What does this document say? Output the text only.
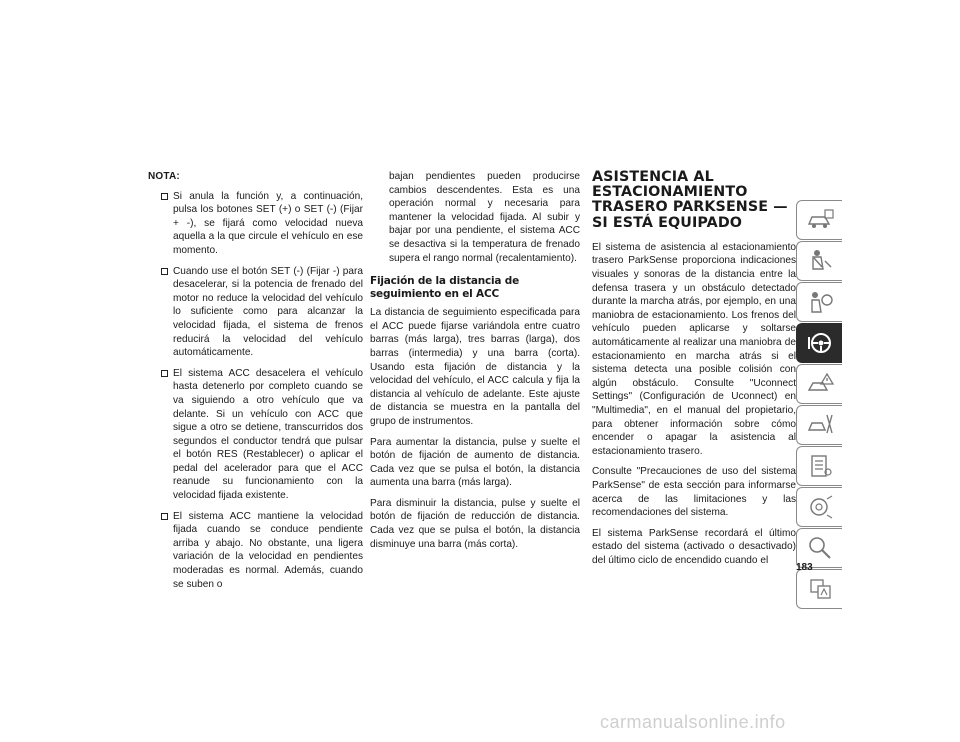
NOTA:
Si anula la función y, a continuación, pulsa los botones SET (+) o SET (-) (Fijar + -), se fijará como velocidad nueva aquella a la que circule el vehículo en ese momento.
Cuando use el botón SET (-) (Fijar -) para desacelerar, si la potencia de frenado del motor no reduce la velocidad del vehículo lo suficiente como para alcanzar la velocidad fijada, el sistema de frenos reducirá la velocidad del vehículo automáticamente.
El sistema ACC desacelera el vehículo hasta detenerlo por completo cuando se va siguiendo a otro vehículo que va delante. Si un vehículo con ACC que sigue a otro se detiene, transcurridos dos segundos el conductor tendrá que pulsar el botón RES (Restablecer) o aplicar el pedal del acelerador para que el ACC reanude su funcionamiento con la velocidad fijada existente.
El sistema ACC mantiene la velocidad fijada cuando se conduce pendiente arriba y abajo. No obstante, una ligera variación de la velocidad en pendientes moderadas es normal. Además, cuando se suben o
bajan pendientes pueden producirse cambios descendentes. Esta es una operación normal y necesaria para mantener la velocidad fijada. Al subir y bajar por una pendiente, el sistema ACC se desactiva si la temperatura de frenado supera el rango normal (recalentamiento).
Fijación de la distancia de seguimiento en el ACC
La distancia de seguimiento especificada para el ACC puede fijarse variándola entre cuatro barras (más larga), tres barras (larga), dos barras (intermedia) y una barra (corta). Usando esta fijación de distancia y la velocidad del vehículo, el ACC calcula y fija la distancia al vehículo de adelante. Este ajuste de distancia se muestra en la pantalla del grupo de instrumentos.
Para aumentar la distancia, pulse y suelte el botón de fijación de aumento de distancia. Cada vez que se pulsa el botón, la distancia aumenta una barra (más larga).
Para disminuir la distancia, pulse y suelte el botón de fijación de reducción de distancia. Cada vez que se pulsa el botón, la distancia disminuye una barra (más corta).
ASISTENCIA AL ESTACIONAMIENTO TRASERO PARKSENSE — SI ESTÁ EQUIPADO
El sistema de asistencia al estacionamiento trasero ParkSense proporciona indicaciones visuales y sonoras de la distancia entre la defensa trasera y un obstáculo detectado durante la marcha atrás, por ejemplo, en una maniobra de estacionamiento. Los frenos del vehículo pueden aplicarse y soltarse automáticamente al realizar una maniobra de estacionamiento en marcha atrás si el sistema detecta una posible colisión con algún obstáculo. Consulte "Uconnect Settings" (Configuración de Uconnect) en "Multimedia", en el manual del propietario, para obtener información sobre cómo encender o apagar la asistencia al estacionamiento trasero.
Consulte "Precauciones de uso del sistema ParkSense" de esta sección para informarse acerca de las limitaciones y las recomendaciones del sistema.
El sistema ParkSense recordará el último estado del sistema (activado o desactivado) del último ciclo de encendido cuando el
183
carmanualsonline.info
